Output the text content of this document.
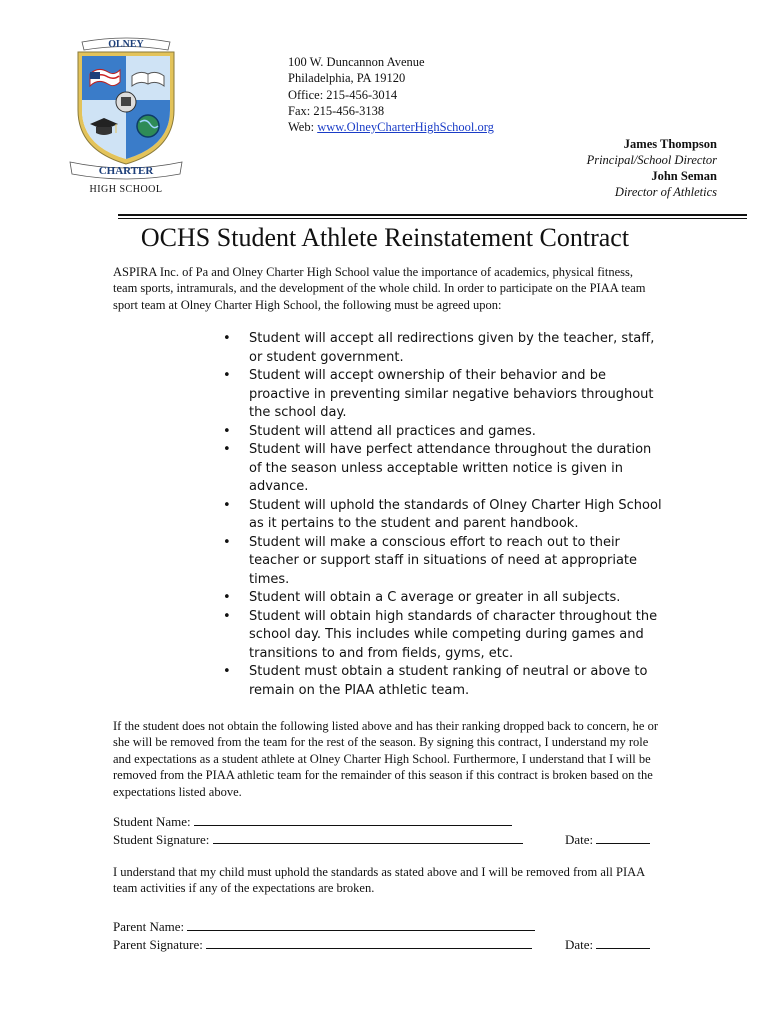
OLNEY
CHARTER
HIGH SCHOOL
100 W. Duncannon Avenue
Philadelphia, PA 19120
Office: 215-456-3014
Fax: 215-456-3138
Web: www.OlneyCharterHighSchool.org
James Thompson
Principal/School Director
John Seman
Director of Athletics
OCHS Student Athlete Reinstatement Contract

ASPIRA Inc. of Pa and Olney Charter High School value the importance of academics, physical fitness, team sports, intramurals, and the development of the whole child. In order to participate on the PIAA team sport team at Olney Charter High School, the following must be agreed upon:

• Student will accept all redirections given by the teacher, staff, or student government.
• Student will accept ownership of their behavior and be proactive in preventing similar negative behaviors throughout the school day.
• Student will attend all practices and games.
• Student will have perfect attendance throughout the duration of the season unless acceptable written notice is given in advance.
• Student will uphold the standards of Olney Charter High School as it pertains to the student and parent handbook.
• Student will make a conscious effort to reach out to their teacher or support staff in situations of need at appropriate times.
• Student will obtain a C average or greater in all subjects.
• Student will obtain high standards of character throughout the school day. This includes while competing during games and transitions to and from fields, gyms, etc.
• Student must obtain a student ranking of neutral or above to remain on the PIAA athletic team.

If the student does not obtain the following listed above and has their ranking dropped back to concern, he or she will be removed from the team for the rest of the season. By signing this contract, I understand my role and expectations as a student athlete at Olney Charter High School. Furthermore, I understand that I will be removed from the PIAA athletic team for the remainder of this season if this contract is broken based on the expectations listed above.

Student Name:
Student Signature:	Date:

I understand that my child must uphold the standards as stated above and I will be removed from all PIAA team activities if any of the expectations are broken.

Parent Name:
Parent Signature:	Date:
